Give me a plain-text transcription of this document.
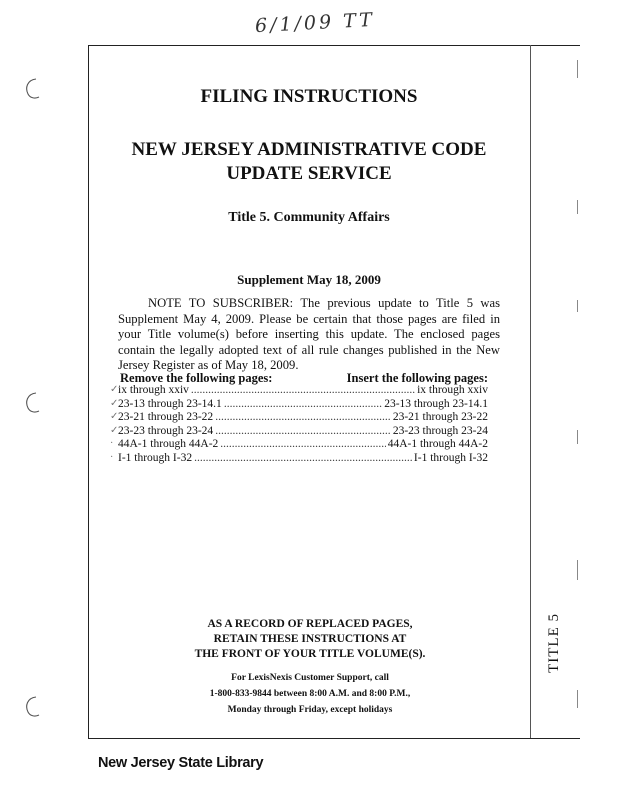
6/1/09 TT
FILING INSTRUCTIONS
NEW JERSEY ADMINISTRATIVE CODE
UPDATE SERVICE
Title 5. Community Affairs
Supplement May 18, 2009

NOTE TO SUBSCRIBER: The previous update to Title 5 was Supplement May 4, 2009. Please be certain that those pages are filed in your Title volume(s) before inserting this update. The enclosed pages contain the legally adopted text of all rule changes published in the New Jersey Register as of May 18, 2009.

Remove the following pages:	Insert the following pages:
✓ ix through xxiv .....	ix through xxiv
✓ 23-13 through 23-14.1 .....	23-13 through 23-14.1
✓ 23-21 through 23-22 .....	23-21 through 23-22
✓ 23-23 through 23-24 .....	23-23 through 23-24
· 44A-1 through 44A-2 .....	44A-1 through 44A-2
· I-1 through I-32 .....	I-1 through I-32
AS A RECORD OF REPLACED PAGES,
RETAIN THESE INSTRUCTIONS AT
THE FRONT OF YOUR TITLE VOLUME(S).
For LexisNexis Customer Support, call
1-800-833-9844 between 8:00 A.M. and 8:00 P.M.,
Monday through Friday, except holidays
TITLE 5
New Jersey State Library
